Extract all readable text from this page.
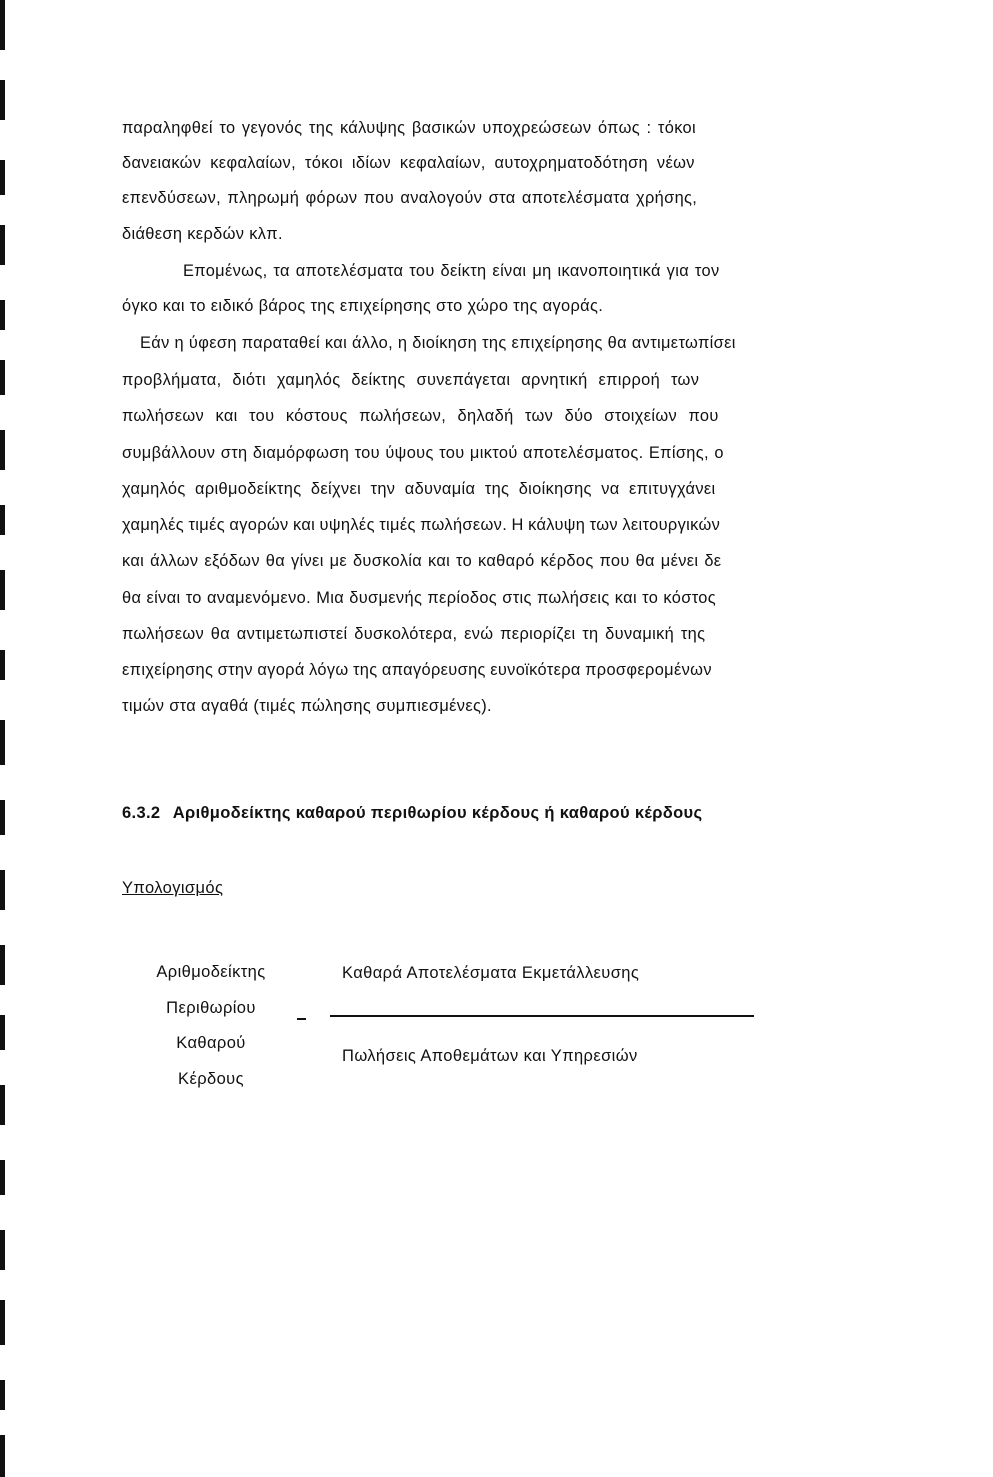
παραληφθεί το γεγονός της κάλυψης βασικών υποχρεώσεων όπως : τόκοι
δανειακών κεφαλαίων, τόκοι ιδίων κεφαλαίων, αυτοχρηματοδότηση νέων
επενδύσεων, πληρωμή φόρων που αναλογούν στα αποτελέσματα χρήσης,
διάθεση κερδών κλπ.
Επομένως, τα αποτελέσματα του δείκτη είναι μη ικανοποιητικά για τον
όγκο και το ειδικό βάρος της επιχείρησης στο χώρο της αγοράς.
Εάν η ύφεση παραταθεί και άλλο, η διοίκηση της επιχείρησης θα αντιμετωπίσει
προβλήματα, διότι χαμηλός δείκτης συνεπάγεται αρνητική επιρροή των
πωλήσεων και του κόστους πωλήσεων, δηλαδή των δύο στοιχείων που
συμβάλλουν στη διαμόρφωση του ύψους του μικτού αποτελέσματος. Επίσης, ο
χαμηλός αριθμοδείκτης δείχνει την αδυναμία της διοίκησης να επιτυγχάνει
χαμηλές τιμές αγορών και υψηλές τιμές πωλήσεων. Η κάλυψη των λειτουργικών
και άλλων εξόδων θα γίνει με δυσκολία και το καθαρό κέρδος που θα μένει δε
θα είναι το αναμενόμενο. Μια δυσμενής περίοδος στις πωλήσεις και το κόστος
πωλήσεων θα αντιμετωπιστεί δυσκολότερα, ενώ περιορίζει τη δυναμική της
επιχείρησης στην αγορά λόγω της απαγόρευσης ευνοϊκότερα προσφερομένων
τιμών στα αγαθά (τιμές πώλησης συμπιεσμένες).
6.3.2 Αριθμοδείκτης καθαρού περιθωρίου κέρδους ή καθαρού κέρδους
Υπολογισμός
Αριθμοδείκτης
Περιθωρίου
Καθαρού
Κέρδους
Καθαρά Αποτελέσματα Εκμετάλλευσης
Πωλήσεις Αποθεμάτων και Υπηρεσιών
